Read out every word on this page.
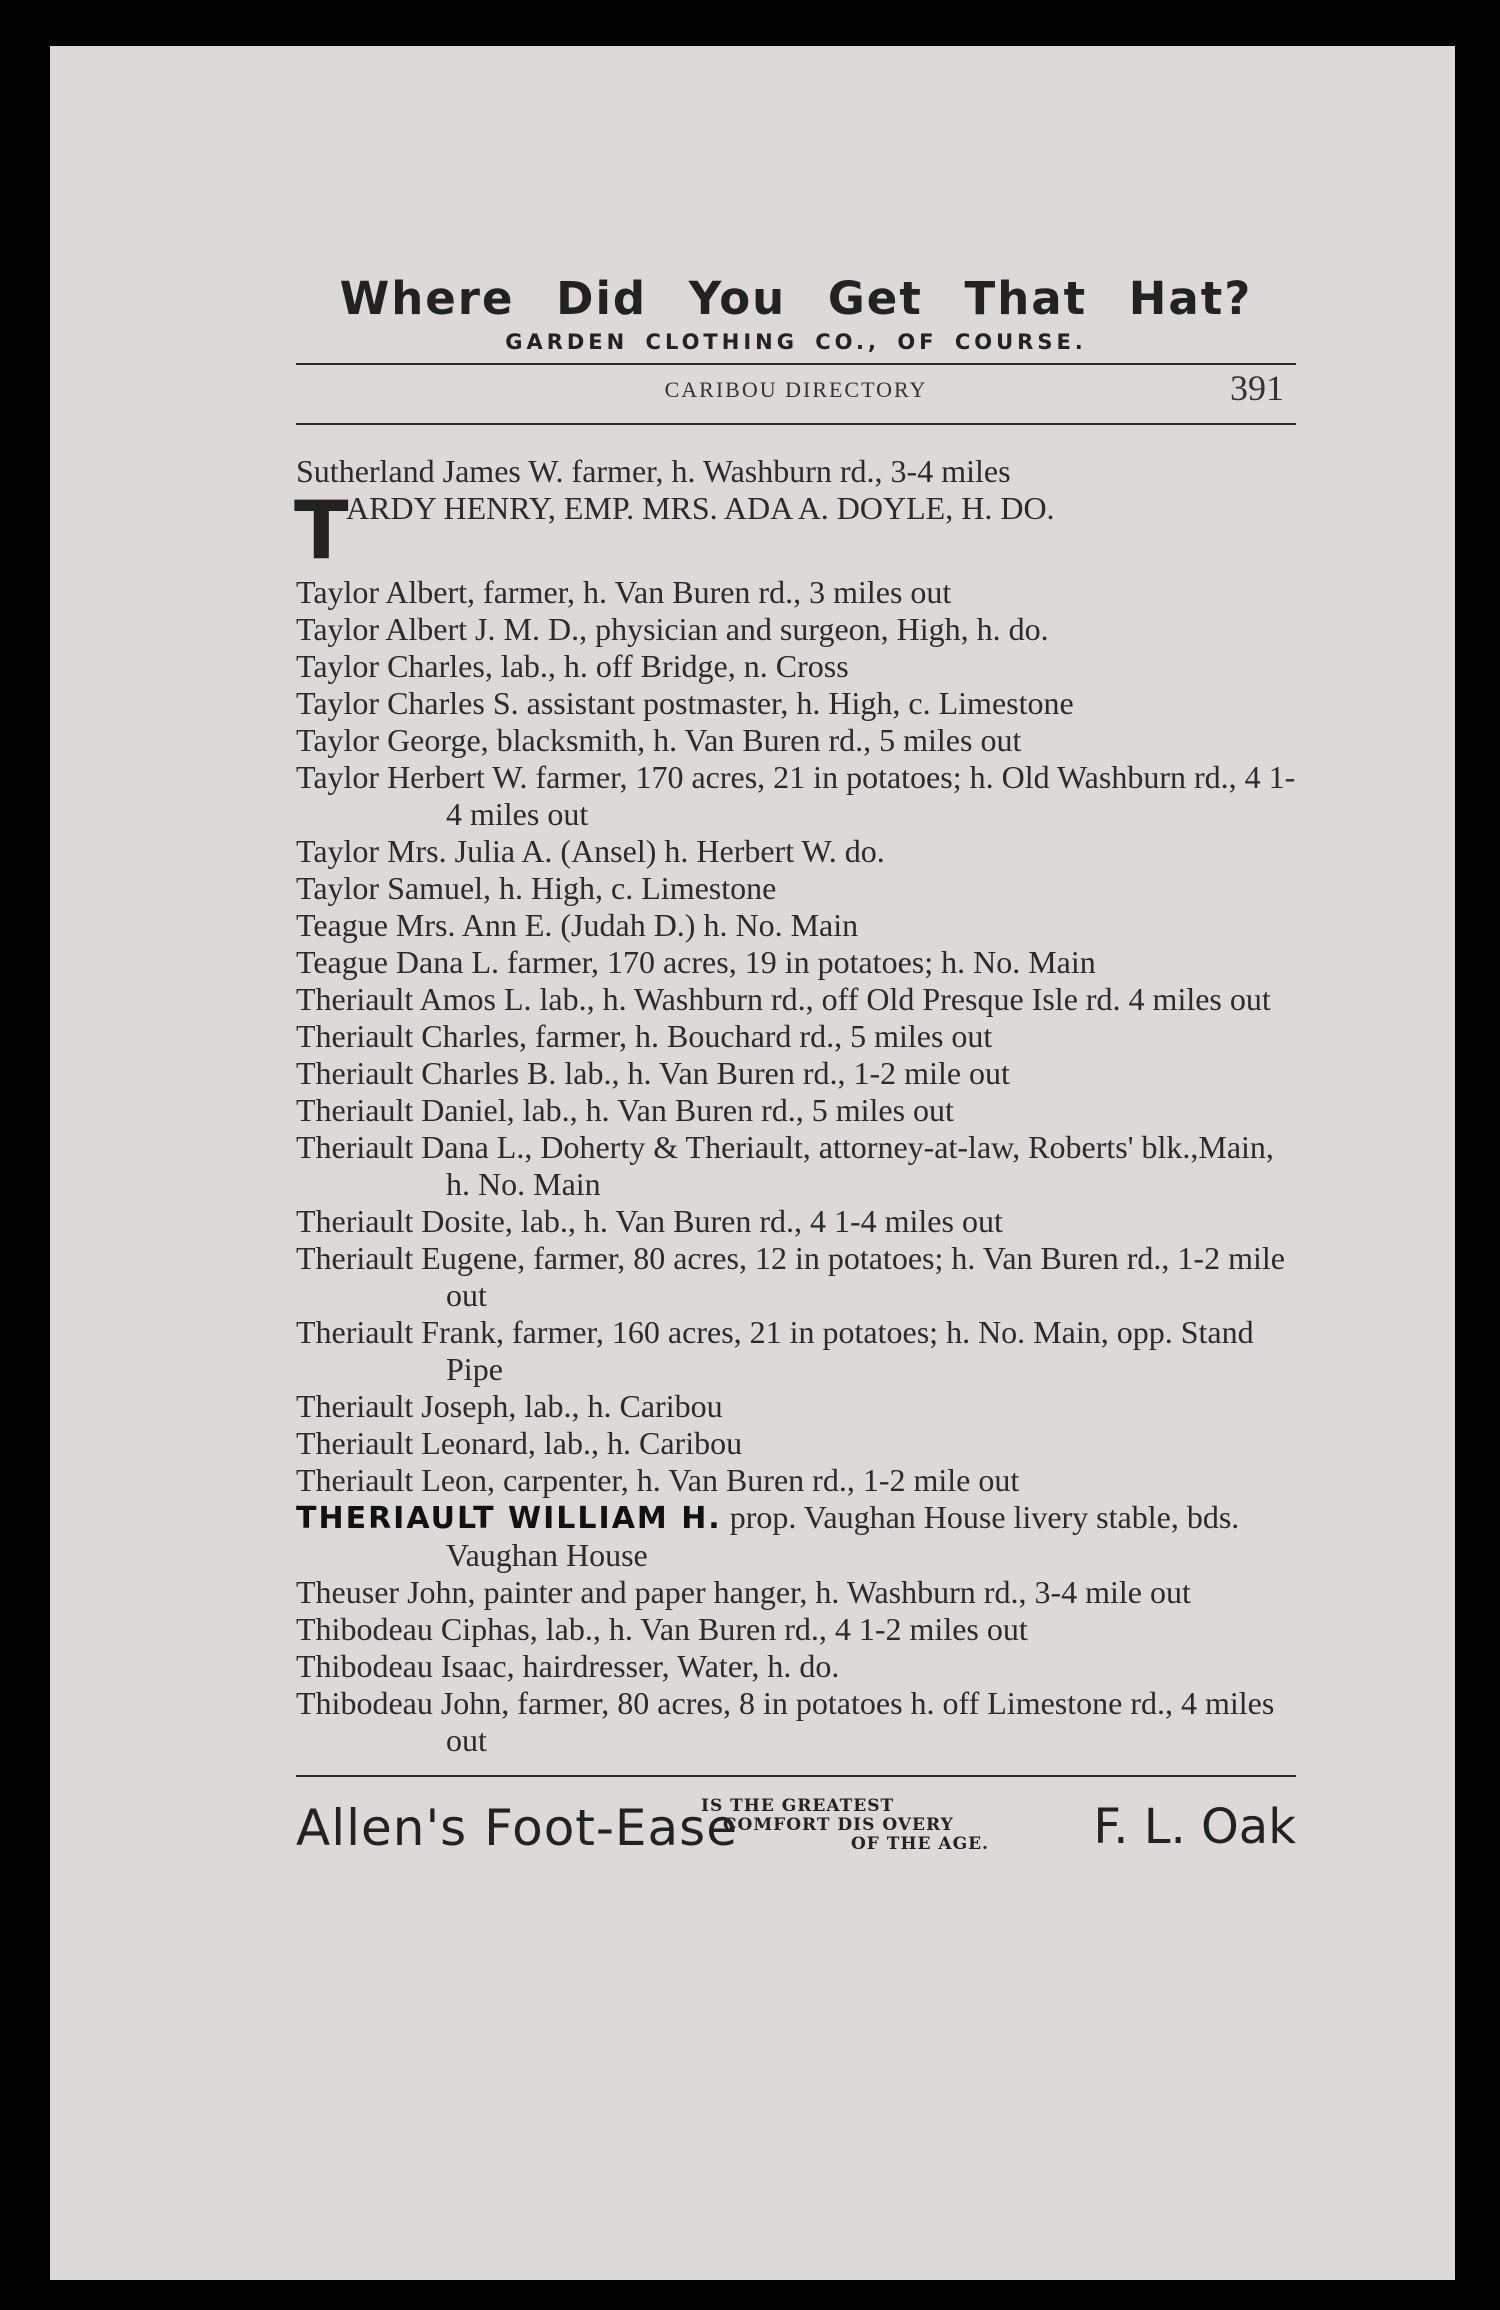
Where Did You Get That Hat?
GARDEN CLOTHING CO., OF COURSE.
CARIBOU DIRECTORY	391
Sutherland James W. farmer, h. Washburn rd., 3-4 miles
T
ARDY HENRY, EMP. MRS. ADA A. DOYLE, H. DO.
Taylor Albert, farmer, h. Van Buren rd., 3 miles out
Taylor Albert J. M. D., physician and surgeon, High, h. do.
Taylor Charles, lab., h. off Bridge, n. Cross
Taylor Charles S. assistant postmaster, h. High, c. Limestone
Taylor George, blacksmith, h. Van Buren rd., 5 miles out
Taylor Herbert W. farmer, 170 acres, 21 in potatoes; h. Old Washburn rd., 4 1-4 miles out
Taylor Mrs. Julia A. (Ansel) h. Herbert W. do.
Taylor Samuel, h. High, c. Limestone
Teague Mrs. Ann E. (Judah D.) h. No. Main
Teague Dana L. farmer, 170 acres, 19 in potatoes; h. No. Main
Theriault Amos L. lab., h. Washburn rd., off Old Presque Isle rd. 4 miles out
Theriault Charles, farmer, h. Bouchard rd., 5 miles out
Theriault Charles B. lab., h. Van Buren rd., 1-2 mile out
Theriault Daniel, lab., h. Van Buren rd., 5 miles out
Theriault Dana L., Doherty & Theriault, attorney-at-law, Roberts' blk.,Main, h. No. Main
Theriault Dosite, lab., h. Van Buren rd., 4 1-4 miles out
Theriault Eugene, farmer, 80 acres, 12 in potatoes; h. Van Buren rd., 1-2 mile out
Theriault Frank, farmer, 160 acres, 21 in potatoes; h. No. Main, opp. Stand Pipe
Theriault Joseph, lab., h. Caribou
Theriault Leonard, lab., h. Caribou
Theriault Leon, carpenter, h. Van Buren rd., 1-2 mile out
THERIAULT WILLIAM H. prop. Vaughan House livery stable, bds. Vaughan House
Theuser John, painter and paper hanger, h. Washburn rd., 3-4 mile out
Thibodeau Ciphas, lab., h. Van Buren rd., 4 1-2 miles out
Thibodeau Isaac, hairdresser, Water, h. do.
Thibodeau John, farmer, 80 acres, 8 in potatoes h. off Limestone rd., 4 miles out
Allen's Foot-Ease
IS THE GREATEST
COMFORT DIS OVERY
OF THE AGE. F. L. Oak
